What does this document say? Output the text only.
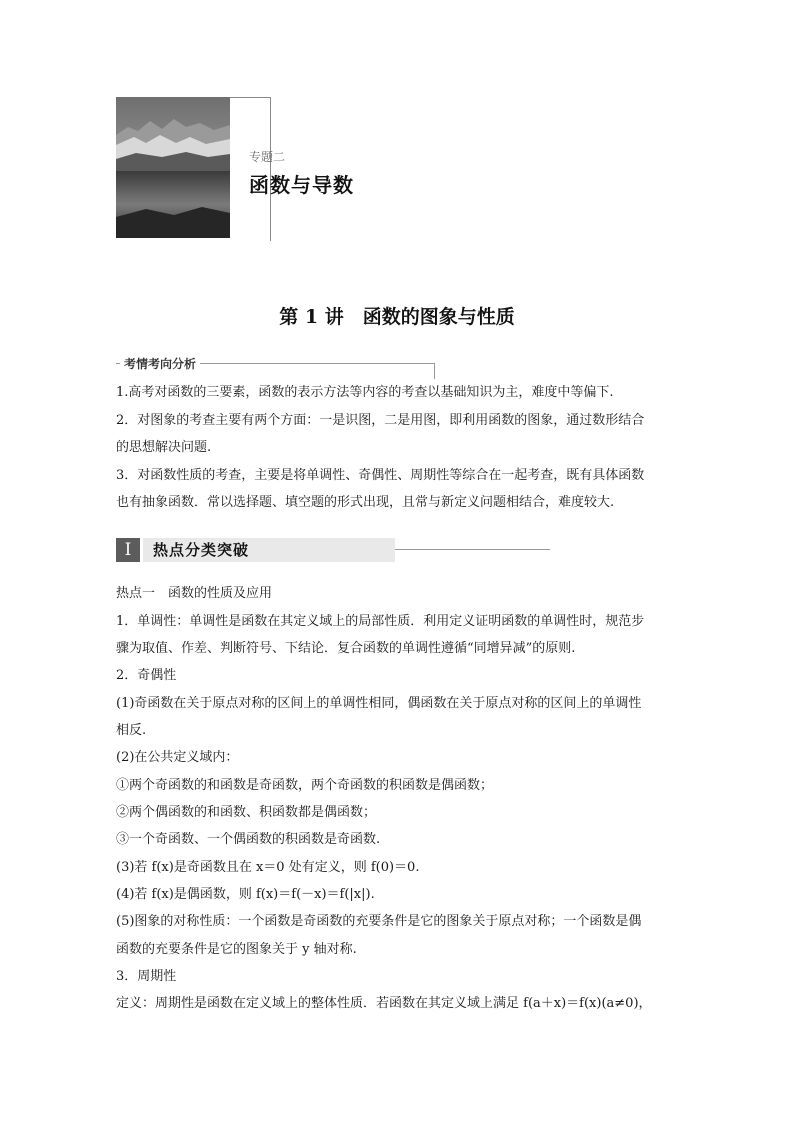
专题二
函数与导数
第 1 讲　函数的图象与性质
考情考向分析

1.高考对函数的三要素，函数的表示方法等内容的考查以基础知识为主，难度中等偏下.

2．对图象的考查主要有两个方面：一是识图，二是用图，即利用函数的图象，通过数形结合

的思想解决问题.

3．对函数性质的考查，主要是将单调性、奇偶性、周期性等综合在一起考查，既有具体函数

也有抽象函数．常以选择题、填空题的形式出现，且常与新定义问题相结合，难度较大.

Ⅰ	热点分类突破

热点一　函数的性质及应用

1．单调性：单调性是函数在其定义域上的局部性质．利用定义证明函数的单调性时，规范步

骤为取值、作差、判断符号、下结论．复合函数的单调性遵循“同增异减”的原则.

2．奇偶性

(1)奇函数在关于原点对称的区间上的单调性相同，偶函数在关于原点对称的区间上的单调性

相反.

(2)在公共定义域内：

①两个奇函数的和函数是奇函数，两个奇函数的积函数是偶函数；

②两个偶函数的和函数、积函数都是偶函数；

③一个奇函数、一个偶函数的积函数是奇函数.

(3)若 f(x)是奇函数且在 x＝0 处有定义，则 f(0)＝0.

(4)若 f(x)是偶函数，则 f(x)＝f(－x)＝f(|x|).

(5)图象的对称性质：一个函数是奇函数的充要条件是它的图象关于原点对称；一个函数是偶

函数的充要条件是它的图象关于 y 轴对称.

3．周期性

定义：周期性是函数在定义域上的整体性质．若函数在其定义域上满足 f(a＋x)＝f(x)(a≠0)，
